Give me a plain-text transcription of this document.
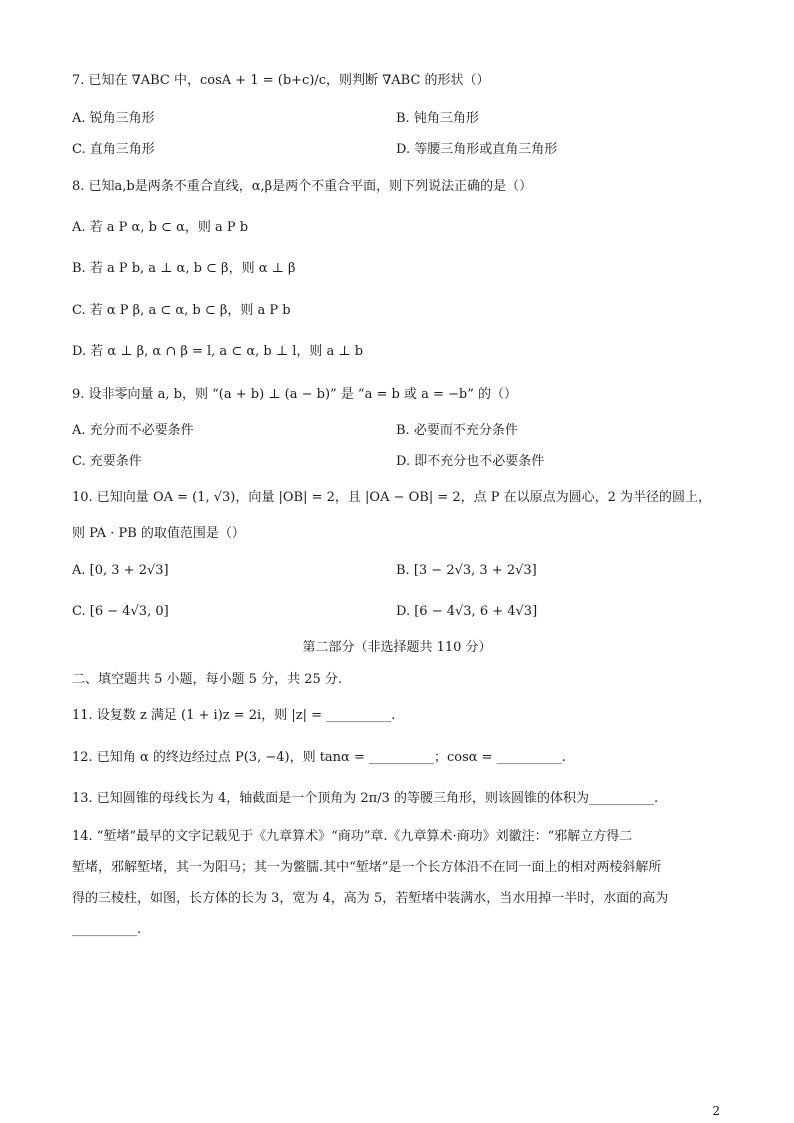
7. 已知在 ∇ABC 中，cosA + 1 = (b+c)/c，则判断 ∇ABC 的形状（）
A. 锐角三角形	B. 钝角三角形
C. 直角三角形	D. 等腰三角形或直角三角形
8. 已知a,b是两条不重合直线，α,β是两个不重合平面，则下列说法正确的是（）
A. 若 a P α, b ⊂ α，则 a P b
B. 若 a P b, a ⊥ α, b ⊂ β，则 α ⊥ β
C. 若 α P β, a ⊂ α, b ⊂ β，则 a P b
D. 若 α ⊥ β, α ∩ β = l, a ⊂ α, b ⊥ l，则 a ⊥ b
9. 设非零向量 a, b，则 “(a + b) ⊥ (a − b)” 是 “a = b 或 a = −b” 的（）
A. 充分而不必要条件	B. 必要而不充分条件
C. 充要条件	D. 即不充分也不必要条件
10. 已知向量 OA = (1, √3)，向量 |OB| = 2，且 |OA − OB| = 2，点 P 在以原点为圆心，2 为半径的圆上，
则 PA · PB 的取值范围是（）
A. [0, 3 + 2√3]	B. [3 − 2√3, 3 + 2√3]
C. [6 − 4√3, 0]	D. [6 − 4√3, 6 + 4√3]
第二部分（非选择题共 110 分）
二、填空题共 5 小题，每小题 5 分，共 25 分.
11. 设复数 z 满足 (1 + i)z = 2i，则 |z| = __________.
12. 已知角 α 的终边经过点 P(3, −4)，则 tanα = __________；cosα = __________.
13. 已知圆锥的母线长为 4，轴截面是一个顶角为 2π/3 的等腰三角形，则该圆锥的体积为__________.
14. “堑堵”最早的文字记载见于《九章算术》“商功”章.《九章算术·商功》刘徽注：“邪解立方得二
堑堵，邪解堑堵，其一为阳马；其一为鳖臑.其中“堑堵”是一个长方体沿不在同一面上的相对两棱斜解所
得的三棱柱，如图，长方体的长为 3，宽为 4，高为 5，若堑堵中装满水，当水用掉一半时，水面的高为
__________.
2
